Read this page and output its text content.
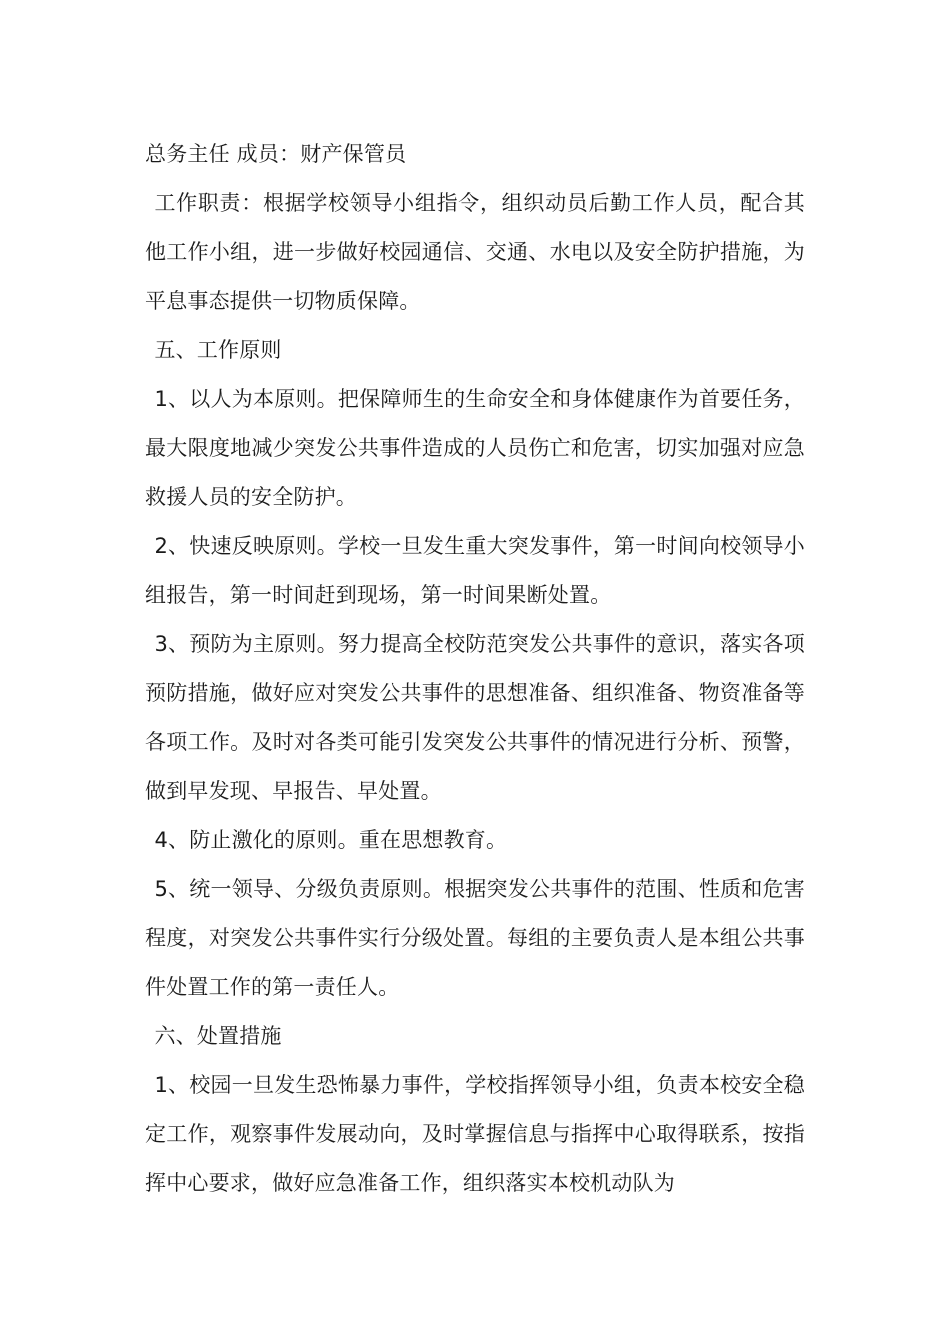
总务主任 成员：财产保管员

工作职责：根据学校领导小组指令，组织动员后勤工作人员，配合其他工作小组，进一步做好校园通信、交通、水电以及安全防护措施，为平息事态提供一切物质保障。

五、工作原则

1、以人为本原则。把保障师生的生命安全和身体健康作为首要任务，最大限度地减少突发公共事件造成的人员伤亡和危害，切实加强对应急救援人员的安全防护。

2、快速反映原则。学校一旦发生重大突发事件，第一时间向校领导小组报告，第一时间赶到现场，第一时间果断处置。

3、预防为主原则。努力提高全校防范突发公共事件的意识，落实各项预防措施，做好应对突发公共事件的思想准备、组织准备、物资准备等各项工作。及时对各类可能引发突发公共事件的情况进行分析、预警，做到早发现、早报告、早处置。

4、防止激化的原则。重在思想教育。

5、统一领导、分级负责原则。根据突发公共事件的范围、性质和危害程度，对突发公共事件实行分级处置。每组的主要负责人是本组公共事件处置工作的第一责任人。

六、处置措施

1、校园一旦发生恐怖暴力事件，学校指挥领导小组，负责本校安全稳定工作，观察事件发展动向，及时掌握信息与指挥中心取得联系，按指挥中心要求，做好应急准备工作，组织落实本校机动队为
